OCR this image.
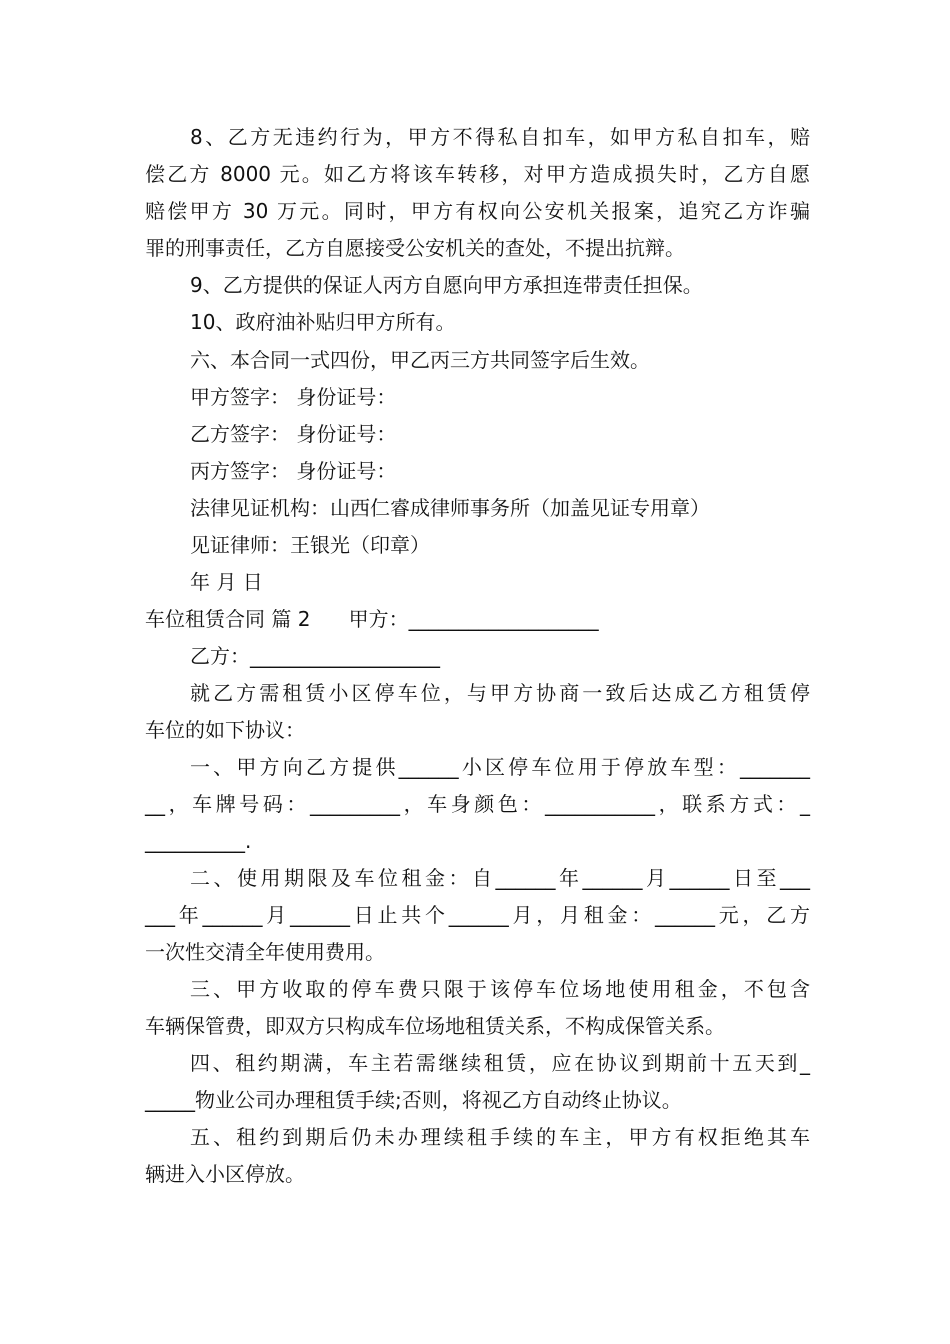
8、乙方无违约行为，甲方不得私自扣车，如甲方私自扣车，赔
偿乙方 8000 元。如乙方将该车转移，对甲方造成损失时，乙方自愿
赔偿甲方 30 万元。同时，甲方有权向公安机关报案，追究乙方诈骗
罪的刑事责任，乙方自愿接受公安机关的查处，不提出抗辩。
9、乙方提供的保证人丙方自愿向甲方承担连带责任担保。
10、政府油补贴归甲方所有。
六、本合同一式四份，甲乙丙三方共同签字后生效。
甲方签字： 身份证号：
乙方签字： 身份证号：
丙方签字： 身份证号：
法律见证机构：山西仁睿成律师事务所（加盖见证专用章）
见证律师：王银光（印章）
年 月 日
车位租赁合同 篇 2      甲方：___________________
乙方：___________________
就乙方需租赁小区停车位，与甲方协商一致后达成乙方租赁停
车位的如下协议：
一、甲方向乙方提供______小区停车位用于停放车型：_______
__，车牌号码：_________，车身颜色：___________，联系方式：_
__________.
二、使用期限及车位租金：自______年______月______日至___
___年______月______日止共个______月，月租金：______元，乙方
一次性交清全年使用费用。
三、甲方收取的停车费只限于该停车位场地使用租金，不包含
车辆保管费，即双方只构成车位场地租赁关系，不构成保管关系。
四、租约期满，车主若需继续租赁，应在协议到期前十五天到_
_____物业公司办理租赁手续;否则，将视乙方自动终止协议。
五、租约到期后仍未办理续租手续的车主，甲方有权拒绝其车
辆进入小区停放。
